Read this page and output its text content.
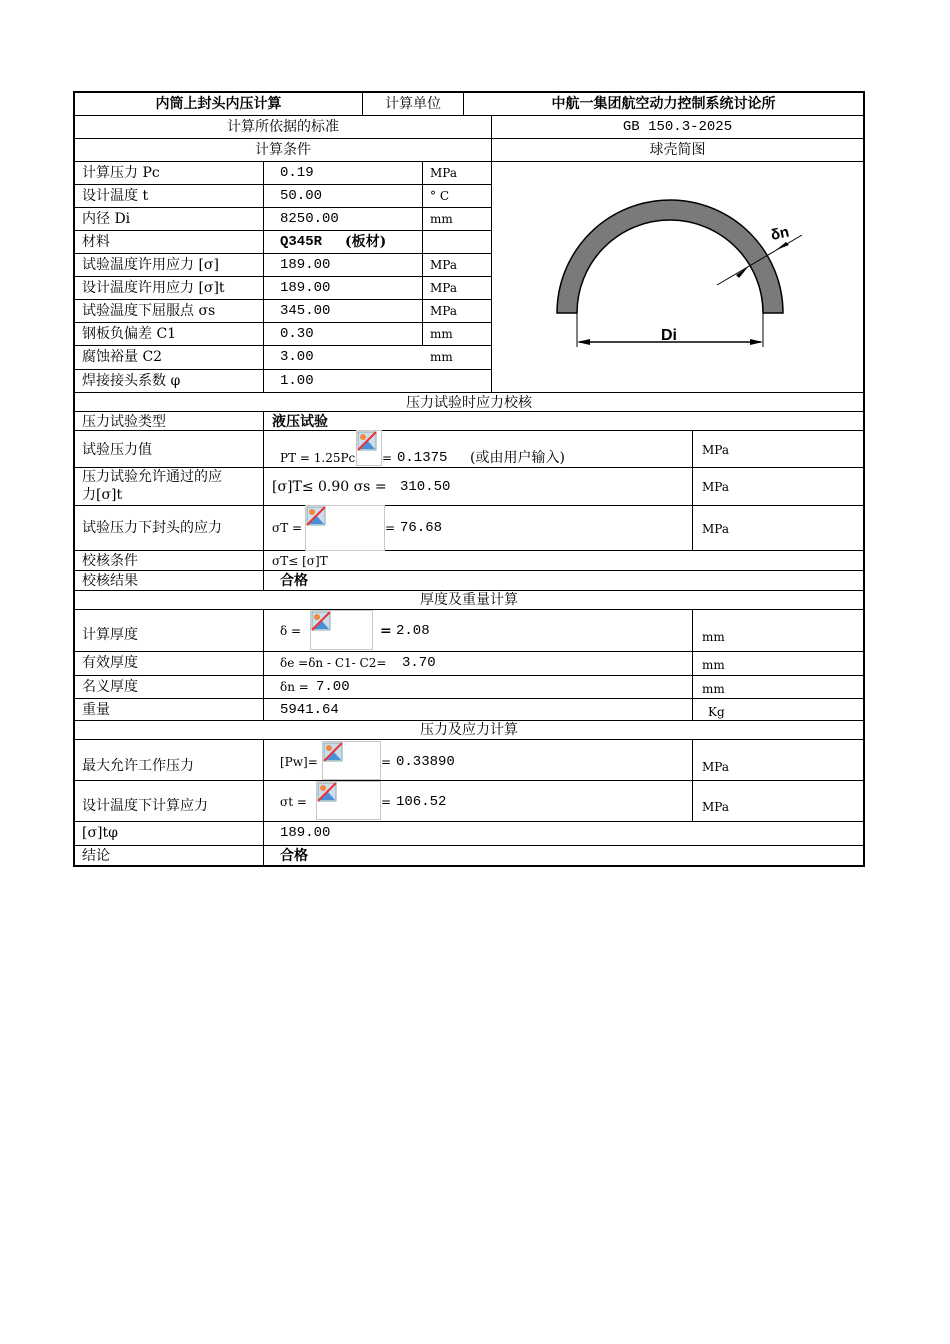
内筒上封头内压计算	计算单位	中航一集团航空动力控制系统讨论所
计算所依据的标准	GB 150.3-2025
计算条件	球壳简图
计算压力 Pc	0.19	MPa
设计温度 t	50.00	° C
内径 Di	8250.00	mm
材料	Q345R (板材)
试验温度许用应力 [σ]	189.00	MPa
设计温度许用应力 [σ]t	189.00	MPa
试验温度下屈服点 σs	345.00	MPa
钢板负偏差 C1	0.30	mm
腐蚀裕量 C2	3.00	mm
焊接接头系数 φ	1.00
Di
δn
压力试验时应力校核
压力试验类型	液压试验
试验压力值	PT = 1.25Pc = 0.1375 (或由用户输入)	MPa
压力试验允许通过的应
力[σ]t	[σ]T≤ 0.90 σs = 310.50	MPa
试验压力下封头的应力	σT =	= 76.68	MPa
校核条件	σT≤ [σ]T
校核结果	合格
厚度及重量计算
计算厚度	δ =	= 2.08	mm
有效厚度	δe =δn - C1- C2= 3.70	mm
名义厚度	δn = 7.00	mm
重量	5941.64	Kg
压力及应力计算
最大允许工作压力	[Pw]=	= 0.33890	MPa
设计温度下计算应力	σt =	= 106.52	MPa
[σ]tφ	189.00
结论	合格
